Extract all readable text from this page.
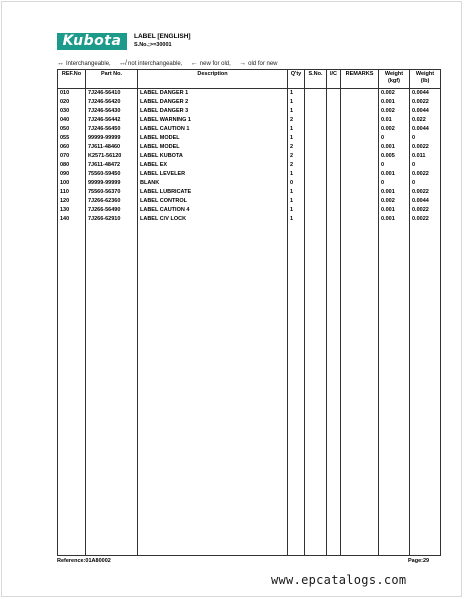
Kubota	LABEL [ENGLISH]
S.No.;>=30001
↔ Interchangeable, ↮ not interchangeable, ← new for old, → old for new
REF.No	Part No.	Description	Q'ty	S.No.	I/C	REMARKS	Weight (kgf)	Weight (lb)
010	7J246-56410	LABEL DANGER 1	1				0.002	0.0044
020	7J246-56420	LABEL DANGER 2	1				0.001	0.0022
030	7J246-56430	LABEL DANGER 3	1				0.002	0.0044
040	7J246-56442	LABEL WARNING 1	2				0.01	0.022
050	7J246-56450	LABEL CAUTION 1	1				0.002	0.0044
055	99999-99999	LABEL MODEL	1				0	0
060	7J611-48460	LABEL MODEL	2				0.001	0.0022
070	K2571-56120	LABEL KUBOTA	2				0.005	0.011
080	7J611-48472	LABEL EX	2				0	0
090	75560-59450	LABEL LEVELER	1				0.001	0.0022
100	99999-99999	BLANK	0				0	0
110	75560-56370	LABEL LUBRICATE	1				0.001	0.0022
120	7J266-62360	LABEL CONTROL	1				0.002	0.0044
130	7J266-56490	LABEL CAUTION 4	1				0.001	0.0022
140	7J266-62910	LABEL C/V LOCK	1				0.001	0.0022

Reference:01A80002	Page:29
www.epcatalogs.com
